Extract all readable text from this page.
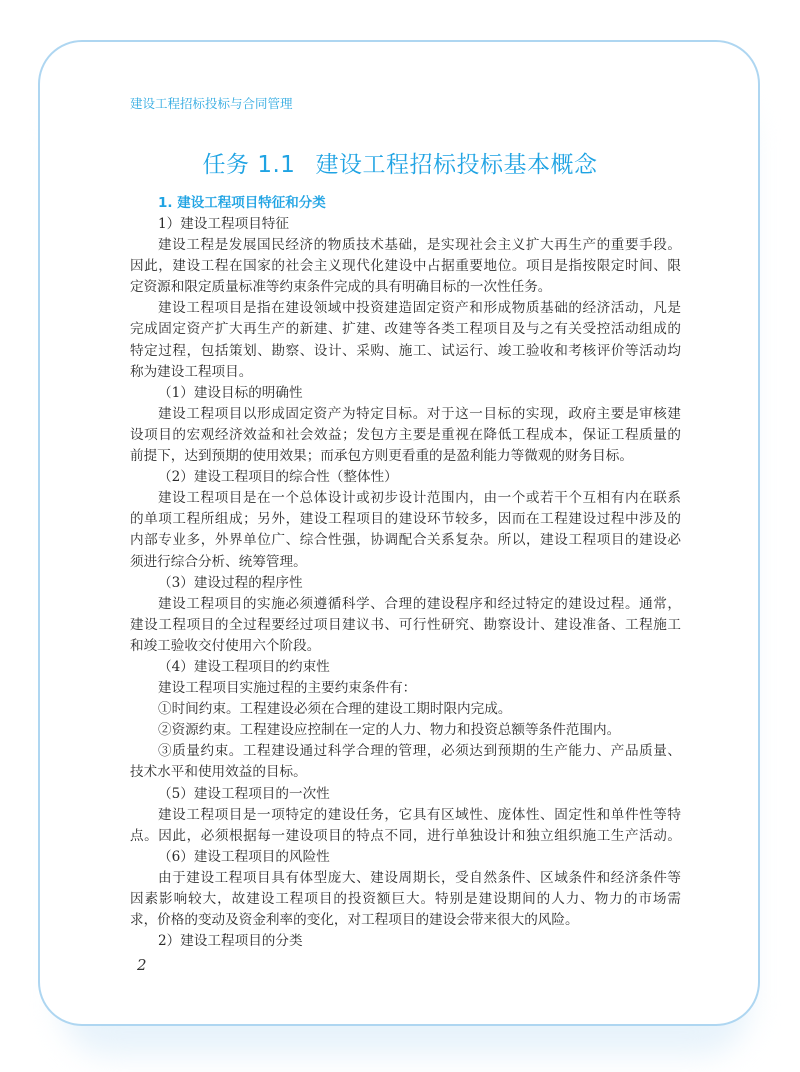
建设工程招标投标与合同管理
任务 1.1 建设工程招标投标基本概念
1. 建设工程项目特征和分类
1）建设工程项目特征
建设工程是发展国民经济的物质技术基础，是实现社会主义扩大再生产的重要手段。
因此，建设工程在国家的社会主义现代化建设中占据重要地位。项目是指按限定时间、限
定资源和限定质量标准等约束条件完成的具有明确目标的一次性任务。
建设工程项目是指在建设领域中投资建造固定资产和形成物质基础的经济活动，凡是
完成固定资产扩大再生产的新建、扩建、改建等各类工程项目及与之有关受控活动组成的
特定过程，包括策划、勘察、设计、采购、施工、试运行、竣工验收和考核评价等活动均
称为建设工程项目。
（1）建设目标的明确性
建设工程项目以形成固定资产为特定目标。对于这一目标的实现，政府主要是审核建
设项目的宏观经济效益和社会效益；发包方主要是重视在降低工程成本，保证工程质量的
前提下，达到预期的使用效果；而承包方则更看重的是盈利能力等微观的财务目标。
（2）建设工程项目的综合性（整体性）
建设工程项目是在一个总体设计或初步设计范围内，由一个或若干个互相有内在联系
的单项工程所组成；另外，建设工程项目的建设环节较多，因而在工程建设过程中涉及的
内部专业多，外界单位广、综合性强，协调配合关系复杂。所以，建设工程项目的建设必
须进行综合分析、统筹管理。
（3）建设过程的程序性
建设工程项目的实施必须遵循科学、合理的建设程序和经过特定的建设过程。通常，
建设工程项目的全过程要经过项目建议书、可行性研究、勘察设计、建设准备、工程施工
和竣工验收交付使用六个阶段。
（4）建设工程项目的约束性
建设工程项目实施过程的主要约束条件有：
①时间约束。工程建设必须在合理的建设工期时限内完成。
②资源约束。工程建设应控制在一定的人力、物力和投资总额等条件范围内。
③质量约束。工程建设通过科学合理的管理，必须达到预期的生产能力、产品质量、
技术水平和使用效益的目标。
（5）建设工程项目的一次性
建设工程项目是一项特定的建设任务，它具有区域性、庞体性、固定性和单件性等特
点。因此，必须根据每一建设项目的特点不同，进行单独设计和独立组织施工生产活动。
（6）建设工程项目的风险性
由于建设工程项目具有体型庞大、建设周期长，受自然条件、区域条件和经济条件等
因素影响较大，故建设工程项目的投资额巨大。特别是建设期间的人力、物力的市场需
求，价格的变动及资金利率的变化，对工程项目的建设会带来很大的风险。
2）建设工程项目的分类
2
